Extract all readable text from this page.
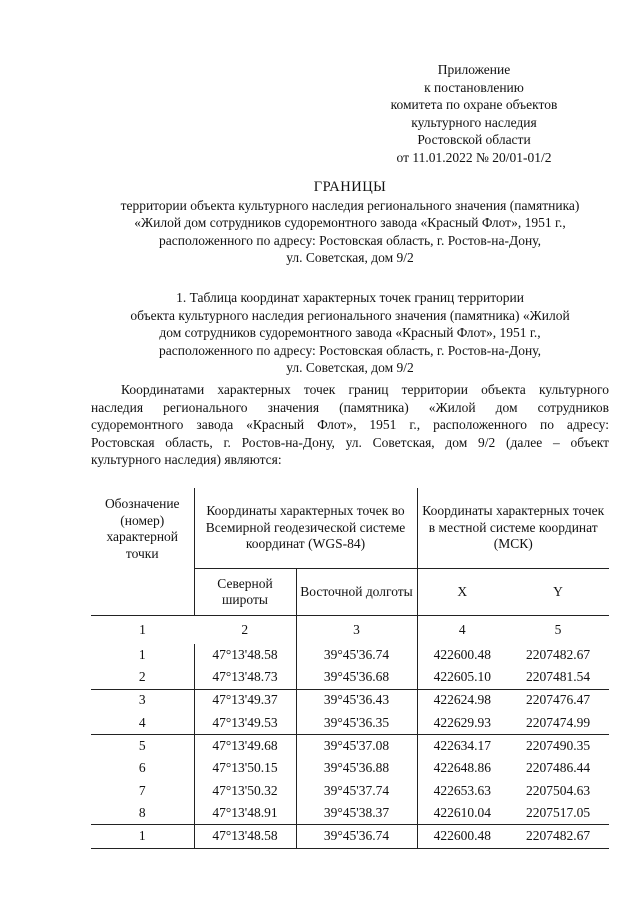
Приложение
к постановлению
комитета по охране объектов
культурного наследия
Ростовской области
от 11.01.2022 № 20/01-01/2
ГРАНИЦЫ
территории объекта культурного наследия регионального значения (памятника)
«Жилой дом сотрудников судоремонтного завода «Красный Флот», 1951 г.,
расположенного по адресу: Ростовская область, г. Ростов-на-Дону,
ул. Советская, дом 9/2
1. Таблица координат характерных точек границ территории
объекта культурного наследия регионального значения (памятника) «Жилой
дом сотрудников судоремонтного завода «Красный Флот», 1951 г.,
расположенного по адресу: Ростовская область, г. Ростов-на-Дону,
ул. Советская, дом 9/2
Координатами характерных точек границ территории объекта культурного
наследия регионального значения (памятника) «Жилой дом сотрудников
судоремонтного завода «Красный Флот», 1951 г., расположенного по адресу:
Ростовская область, г. Ростов-на-Дону, ул. Советская, дом 9/2 (далее – объект
культурного наследия) являются:
Обозначение (номер) характерной точки	Координаты характерных точек во Всемирной геодезической системе координат (WGS-84)		Координаты характерных точек в местной системе координат (МСК)	
	Северной широты	Восточной долготы	X	Y
1	2	3	4	5
1	47°13'48.58	39°45'36.74	422600.48	2207482.67
2	47°13'48.73	39°45'36.68	422605.10	2207481.54
3	47°13'49.37	39°45'36.43	422624.98	2207476.47
4	47°13'49.53	39°45'36.35	422629.93	2207474.99
5	47°13'49.68	39°45'37.08	422634.17	2207490.35
6	47°13'50.15	39°45'36.88	422648.86	2207486.44
7	47°13'50.32	39°45'37.74	422653.63	2207504.63
8	47°13'48.91	39°45'38.37	422610.04	2207517.05
1	47°13'48.58	39°45'36.74	422600.48	2207482.67
